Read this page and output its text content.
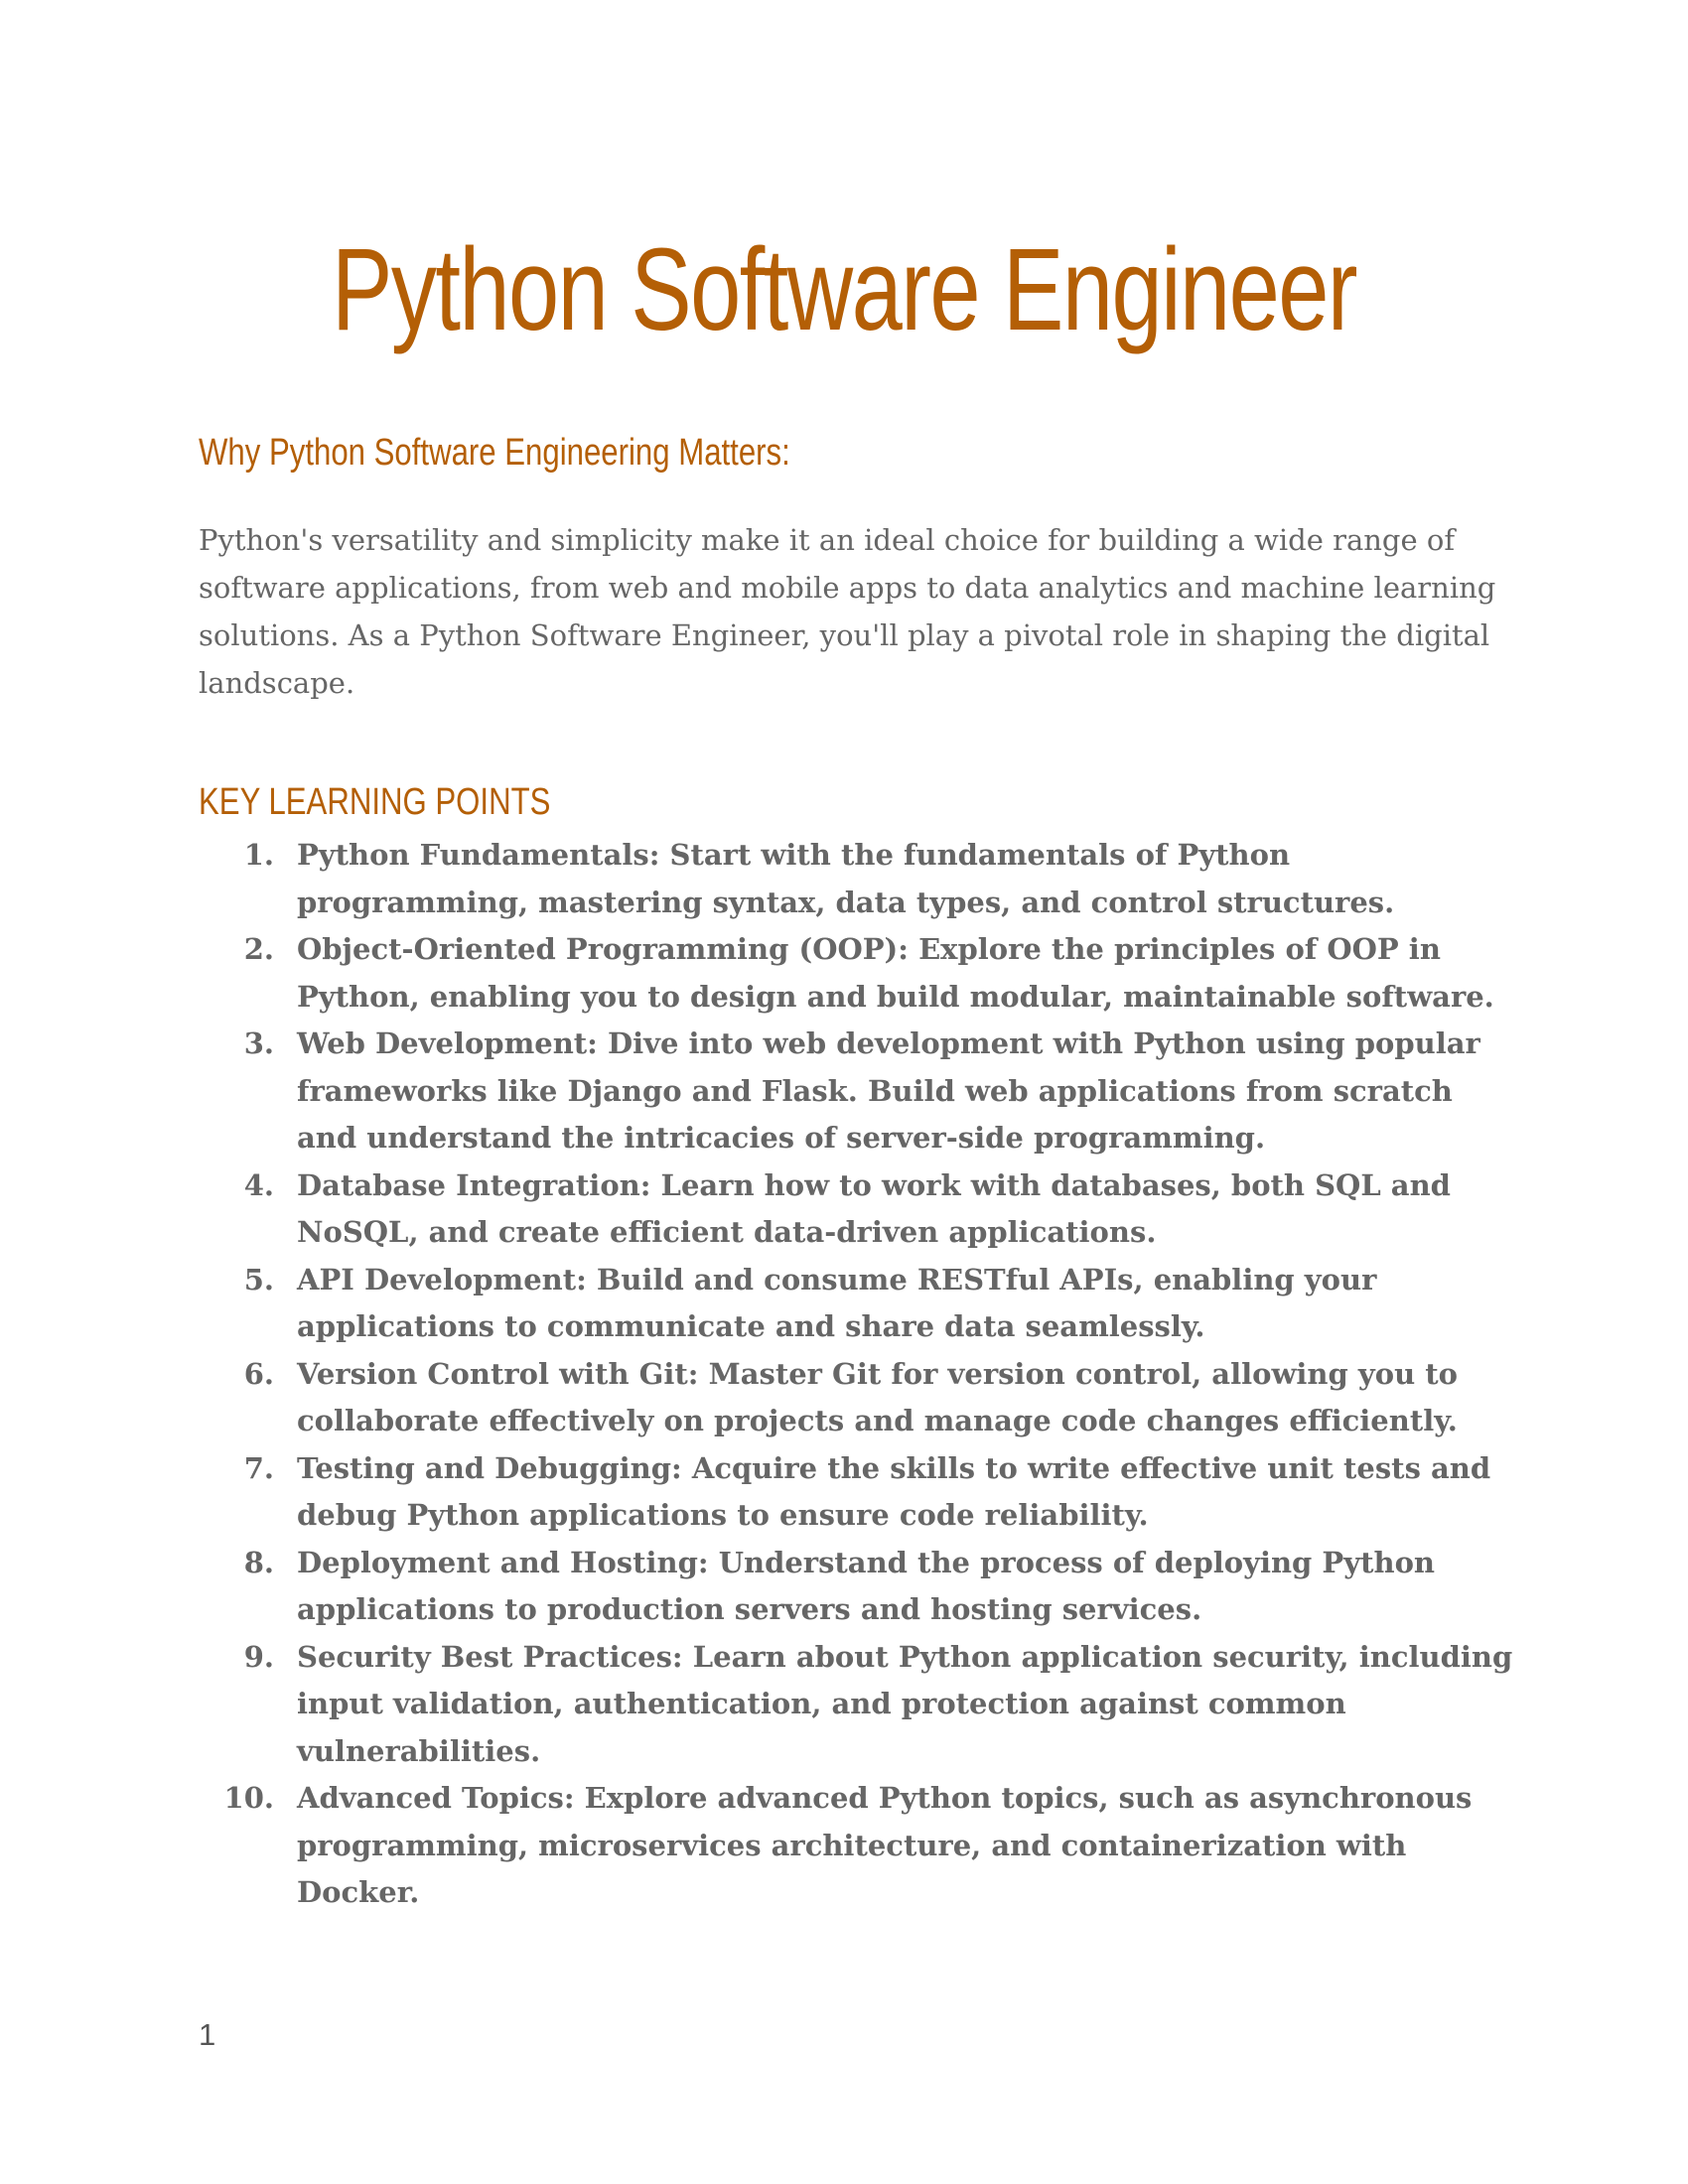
Python Software Engineer
Why Python Software Engineering Matters:

Python's versatility and simplicity make it an ideal choice for building a wide range of software applications, from web and mobile apps to data analytics and machine learning solutions. As a Python Software Engineer, you'll play a pivotal role in shaping the digital landscape.

KEY LEARNING POINTS
1. Python Fundamentals: Start with the fundamentals of Python programming, mastering syntax, data types, and control structures.
2. Object-Oriented Programming (OOP): Explore the principles of OOP in Python, enabling you to design and build modular, maintainable software.
3. Web Development: Dive into web development with Python using popular frameworks like Django and Flask. Build web applications from scratch and understand the intricacies of server-side programming.
4. Database Integration: Learn how to work with databases, both SQL and NoSQL, and create efficient data-driven applications.
5. API Development: Build and consume RESTful APIs, enabling your applications to communicate and share data seamlessly.
6. Version Control with Git: Master Git for version control, allowing you to collaborate effectively on projects and manage code changes efficiently.
7. Testing and Debugging: Acquire the skills to write effective unit tests and debug Python applications to ensure code reliability.
8. Deployment and Hosting: Understand the process of deploying Python applications to production servers and hosting services.
9. Security Best Practices: Learn about Python application security, including input validation, authentication, and protection against common vulnerabilities.
10. Advanced Topics: Explore advanced Python topics, such as asynchronous programming, microservices architecture, and containerization with Docker.
1
